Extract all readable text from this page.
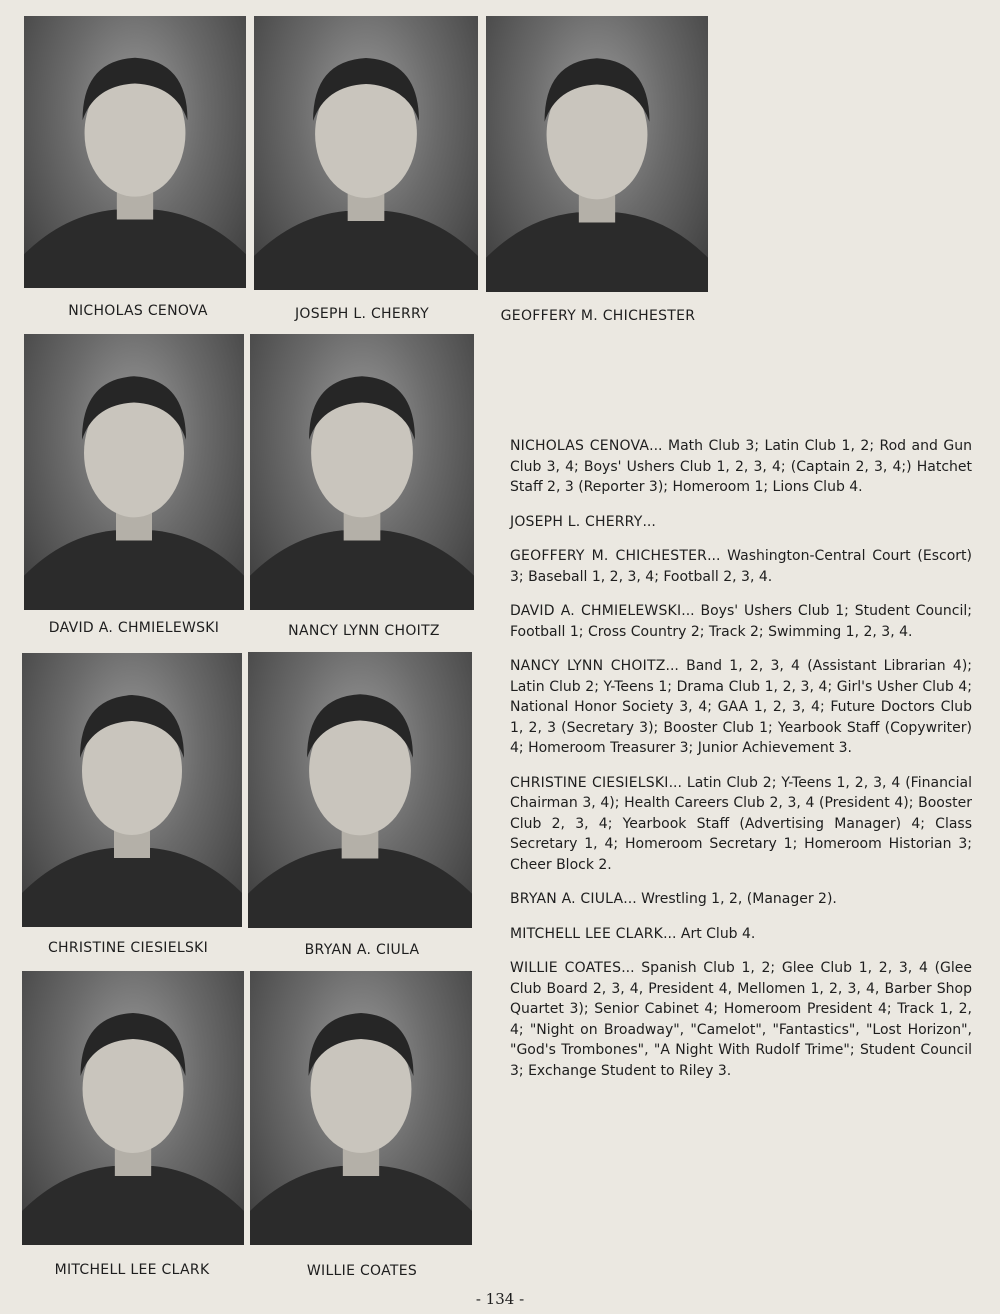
NICHOLAS CENOVA	JOSEPH L. CHERRY	GEOFFERY M. CHICHESTER
DAVID A. CHMIELEWSKI	NANCY LYNN CHOITZ
CHRISTINE CIESIELSKI	BRYAN A. CIULA
MITCHELL LEE CLARK	WILLIE COATES

NICHOLAS CENOVA... Math Club 3; Latin Club 1, 2; Rod and Gun Club 3, 4; Boys' Ushers Club 1, 2, 3, 4; (Captain 2, 3, 4;) Hatchet Staff 2, 3 (Reporter 3); Homeroom 1; Lions Club 4.

JOSEPH L. CHERRY...

GEOFFERY M. CHICHESTER... Washington-Central Court (Escort) 3; Baseball 1, 2, 3, 4; Football 2, 3, 4.

DAVID A. CHMIELEWSKI... Boys' Ushers Club 1; Student Council; Football 1; Cross Country 2; Track 2; Swimming 1, 2, 3, 4.

NANCY LYNN CHOITZ... Band 1, 2, 3, 4 (Assistant Librarian 4); Latin Club 2; Y-Teens 1; Drama Club 1, 2, 3, 4; Girl's Usher Club 4; National Honor Society 3, 4; GAA 1, 2, 3, 4; Future Doctors Club 1, 2, 3 (Secretary 3); Booster Club 1; Yearbook Staff (Copywriter) 4; Homeroom Treasurer 3; Junior Achievement 3.

CHRISTINE CIESIELSKI... Latin Club 2; Y-Teens 1, 2, 3, 4 (Financial Chairman 3, 4); Health Careers Club 2, 3, 4 (President 4); Booster Club 2, 3, 4; Yearbook Staff (Advertising Manager) 4; Class Secretary 1, 4; Homeroom Secretary 1; Homeroom Historian 3; Cheer Block 2.

BRYAN A. CIULA... Wrestling 1, 2, (Manager 2).

MITCHELL LEE CLARK... Art Club 4.

WILLIE COATES... Spanish Club 1, 2; Glee Club 1, 2, 3, 4 (Glee Club Board 2, 3, 4, President 4, Mellomen 1, 2, 3, 4, Barber Shop Quartet 3); Senior Cabinet 4; Homeroom President 4; Track 1, 2, 4; "Night on Broadway", "Camelot", "Fantastics", "Lost Horizon", "God's Trombones", "A Night With Rudolf Trime"; Student Council 3; Exchange Student to Riley 3.

- 134 -
